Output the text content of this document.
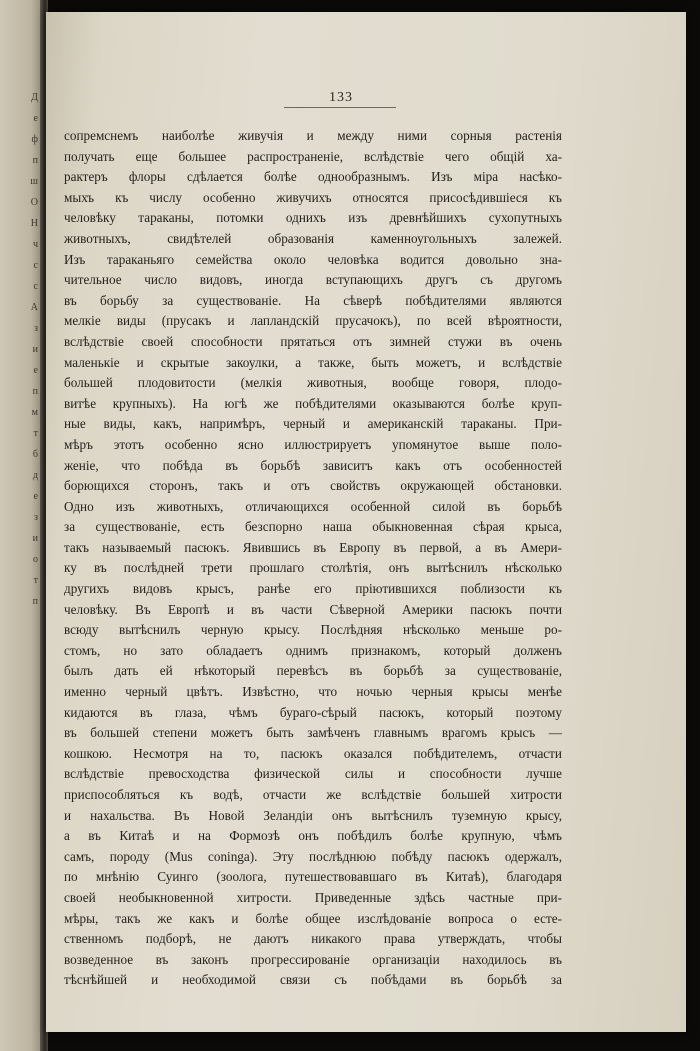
Д
е
ф
п
ш
О
Н
ч
с
с
А
з
и
е
п
м
т
б
д
е
з
и
о
т
п
133
сопремснемъ наиболѣе живучія и между ними сорныя растенія
получать еще большее распространеніе, вслѣдствіе чего общій ха-
рактеръ флоры сдѣлается болѣе однообразнымъ. Изъ міра насѣко-
мыхъ къ числу особенно живучихъ относятся присосѣдившіеся къ
человѣку тараканы, потомки однихъ изъ древнѣйшихъ сухопутныхъ
животныхъ, свидѣтелей образованія каменноугольныхъ залежей.
Изъ тараканьяго семейства около человѣка водится довольно зна-
чительное число видовъ, иногда вступающихъ другъ съ другомъ
въ борьбу за существованіе. На сѣверѣ побѣдителями являются
мелкіе виды (прусакъ и лапландскій прусачокъ), по всей вѣроятности,
вслѣдствіе своей способности прятаться отъ зимней стужи въ очень
маленькіе и скрытые закоулки, а также, быть можетъ, и вслѣдствіе
большей плодовитости (мелкія животныя, вообще говоря, плодо-
витѣе крупныхъ). На югѣ же побѣдителями оказываются болѣе круп-
ные виды, какъ, напримѣръ, черный и американскій тараканы. При-
мѣръ этотъ особенно ясно иллюстрируетъ упомянутое выше поло-
женіе, что побѣда въ борьбѣ зависитъ какъ отъ особенностей
борющихся сторонъ, такъ и отъ свойствъ окружающей обстановки.
Одно изъ животныхъ, отличающихся особенной силой въ борьбѣ
за существованіе, есть безспорно наша обыкновенная сѣрая крыса,
такъ называемый пасюкъ. Явившись въ Европу въ первой, а въ Амери-
ку въ послѣдней трети прошлаго столѣтія, онъ вытѣснилъ нѣсколько
другихъ видовъ крысъ, ранѣе его пріютившихся поблизости къ
человѣку. Въ Европѣ и въ части Сѣверной Америки пасюкъ почти
всюду вытѣснилъ черную крысу. Послѣдняя нѣсколько меньше ро-
стомъ, но зато обладаетъ однимъ признакомъ, который долженъ
былъ дать ей нѣкоторый перевѣсъ въ борьбѣ за существованіе,
именно черный цвѣтъ. Извѣстно, что ночью черныя крысы менѣе
кидаются въ глаза, чѣмъ бураго-сѣрый пасюкъ, который поэтому
въ большей степени можетъ быть замѣченъ главнымъ врагомъ крысъ —
кошкою. Несмотря на то, пасюкъ оказался побѣдителемъ, отчасти
вслѣдствіе превосходства физической силы и способности лучше
приспособляться къ водѣ, отчасти же вслѣдствіе большей хитрости
и нахальства. Въ Новой Зеландіи онъ вытѣснилъ туземную крысу,
а въ Китаѣ и на Формозѣ онъ побѣдилъ болѣе крупную, чѣмъ
самъ, породу (Mus coninga). Эту послѣднюю побѣду пасюкъ одержалъ,
по мнѣнію Суинго (зоолога, путешествовавшаго въ Китаѣ), благодаря
своей необыкновенной хитрости. Приведенные здѣсь частные при-
мѣры, такъ же какъ и болѣе общее изслѣдованіе вопроса о есте-
ственномъ подборѣ, не даютъ никакого права утверждать, чтобы
возведенное въ законъ прогрессированіе организаціи находилось въ
тѣснѣйшей и необходимой связи съ побѣдами въ борьбѣ за
